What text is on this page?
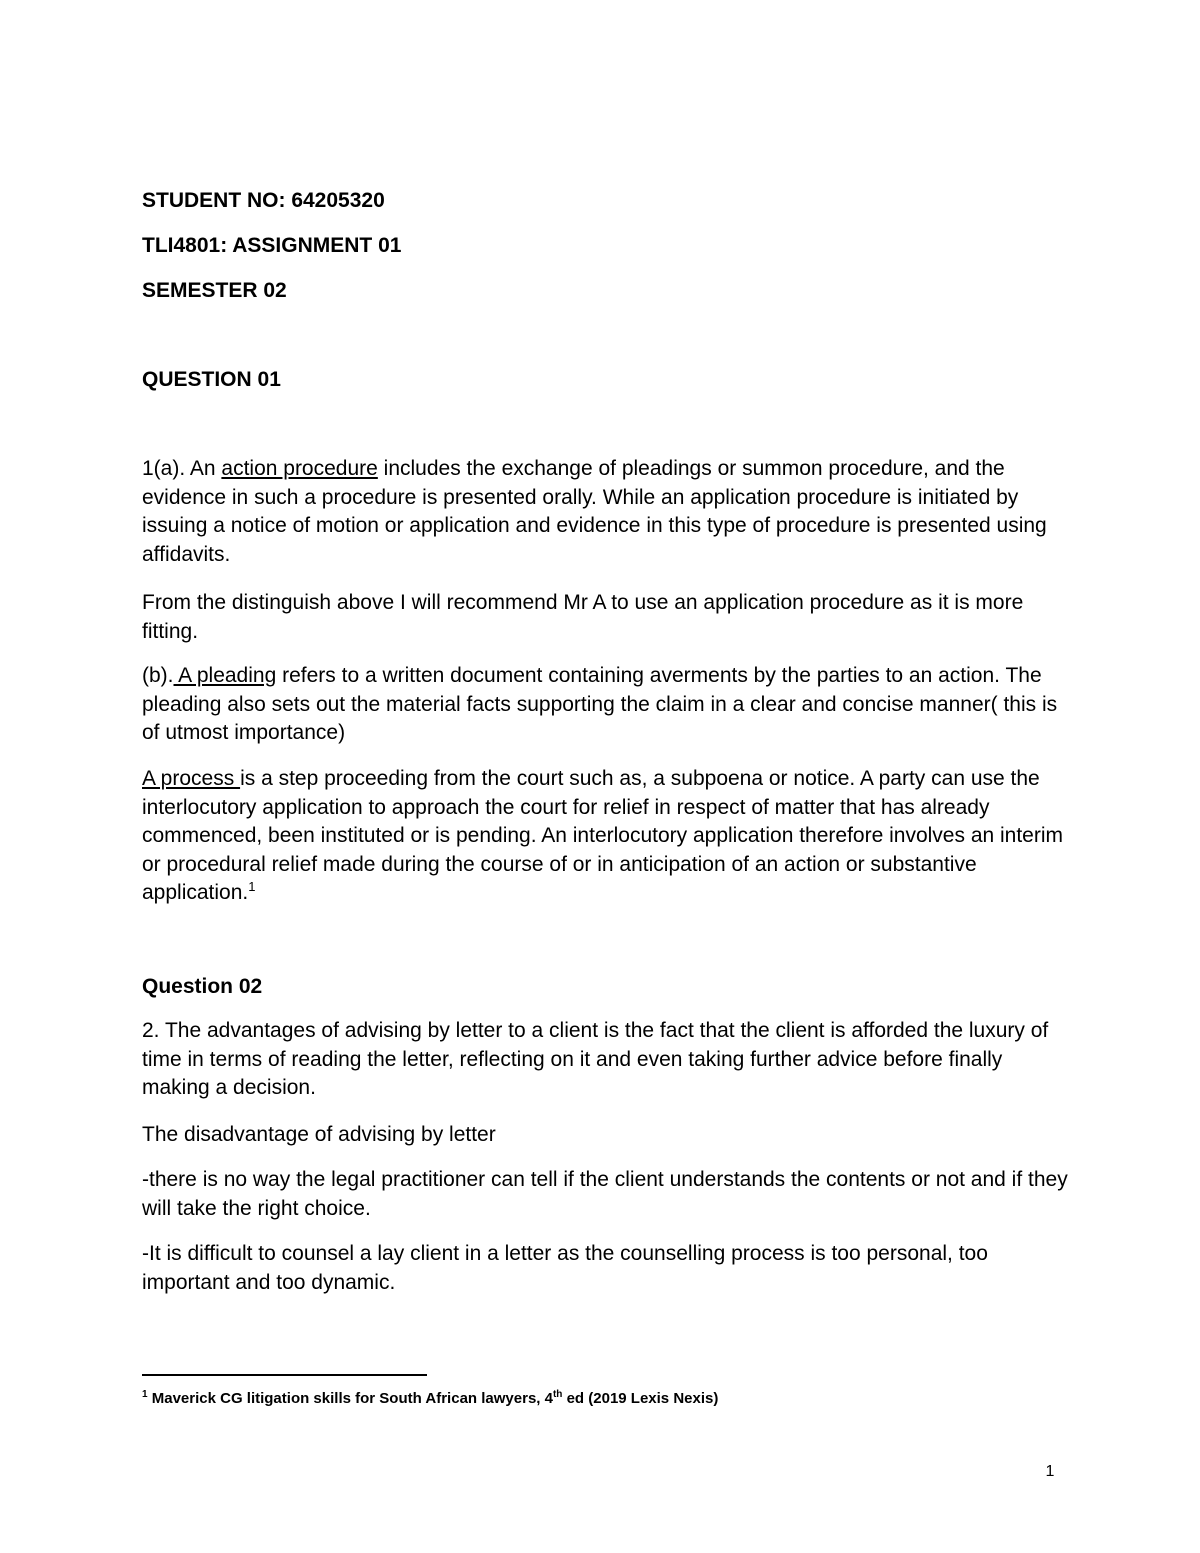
STUDENT NO: 64205320

TLI4801: ASSIGNMENT 01

SEMESTER 02

QUESTION 01

1(a). An action procedure includes the exchange of pleadings or summon procedure, and the evidence in such a procedure is presented orally. While an application procedure is initiated by issuing a notice of motion or application and evidence in this type of procedure is presented using affidavits.

From the distinguish above I will recommend Mr A to use an application procedure as it is more fitting.

(b). A pleading refers to a written document containing averments by the parties to an action. The pleading also sets out the material facts supporting the claim in a clear and concise manner( this is of utmost importance)

A process is a step proceeding from the court such as, a subpoena or notice. A party can use the interlocutory application to approach the court for relief in respect of matter that has already commenced, been instituted or is pending. An interlocutory application therefore involves an interim or procedural relief made during the course of or in anticipation of an action or substantive application.$^1$

Question 02

2. The advantages of advising by letter to a client is the fact that the client is afforded the luxury of time in terms of reading the letter, reflecting on it and even taking further advice before finally making a decision.

The disadvantage of advising by letter

-there is no way the legal practitioner can tell if the client understands the contents or not and if they will take the right choice.

-It is difficult to counsel a lay client in a letter as the counselling process is too personal, too important and too dynamic.

$^1$ Maverick CG litigation skills for South African lawyers, 4th ed (2019 Lexis Nexis)
1
